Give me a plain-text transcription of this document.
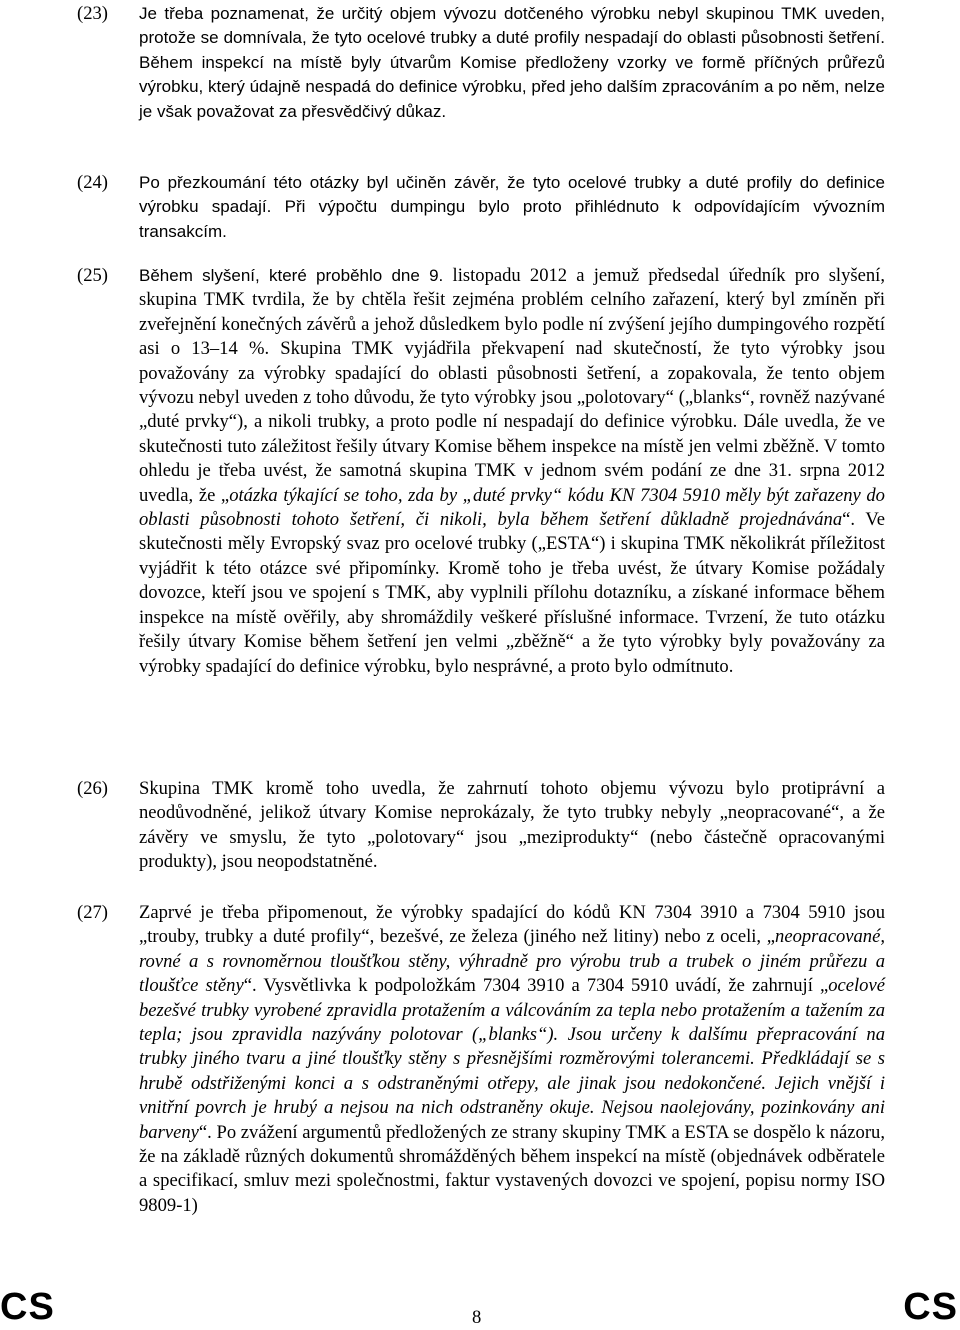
(23) Je třeba poznamenat, že určitý objem vývozu dotčeného výrobku nebyl skupinou TMK uveden, protože se domnívala, že tyto ocelové trubky a duté profily nespadají do oblasti působnosti šetření. Během inspekcí na místě byly útvarům Komise předloženy vzorky ve formě příčných průřezů výrobku, který údajně nespadá do definice výrobku, před jeho dalším zpracováním a po něm, nelze je však považovat za přesvědčivý důkaz.
(24) Po přezkoumání této otázky byl učiněn závěr, že tyto ocelové trubky a duté profily do definice výrobku spadají. Při výpočtu dumpingu bylo proto přihlédnuto k odpovídajícím vývozním transakcím.
(25) Během slyšení, které proběhlo dne 9. listopadu 2012 a jemuž předsedal úředník pro slyšení, skupina TMK tvrdila, že by chtěla řešit zejména problém celního zařazení, který byl zmíněn při zveřejnění konečných závěrů a jehož důsledkem bylo podle ní zvýšení jejího dumpingového rozpětí asi o 13–14 %. Skupina TMK vyjádřila překvapení nad skutečností, že tyto výrobky jsou považovány za výrobky spadající do oblasti působnosti šetření, a zopakovala, že tento objem vývozu nebyl uveden z toho důvodu, že tyto výrobky jsou „polotovary“ („blanks“, rovněž nazývané „duté prvky“), a nikoli trubky, a proto podle ní nespadají do definice výrobku. Dále uvedla, že ve skutečnosti tuto záležitost řešily útvary Komise během inspekce na místě jen velmi zběžně. V tomto ohledu je třeba uvést, že samotná skupina TMK v jednom svém podání ze dne 31. srpna 2012 uvedla, že „otázka týkající se toho, zda by „duté prvky“ kódu KN 7304 5910 měly být zařazeny do oblasti působnosti tohoto šetření, či nikoli, byla během šetření důkladně projednávána“. Ve skutečnosti měly Evropský svaz pro ocelové trubky („ESTA“) i skupina TMK několikrát příležitost vyjádřit k této otázce své připomínky. Kromě toho je třeba uvést, že útvary Komise požádaly dovozce, kteří jsou ve spojení s TMK, aby vyplnili přílohu dotazníku, a získané informace během inspekce na místě ověřily, aby shromáždily veškeré příslušné informace. Tvrzení, že tuto otázku řešily útvary Komise během šetření jen velmi „zběžně“ a že tyto výrobky byly považovány za výrobky spadající do definice výrobku, bylo nesprávné, a proto bylo odmítnuto.
(26) Skupina TMK kromě toho uvedla, že zahrnutí tohoto objemu vývozu bylo protiprávní a neodůvodněné, jelikož útvary Komise neprokázaly, že tyto trubky nebyly „neopracované“, a že závěry ve smyslu, že tyto „polotovary“ jsou „meziprodukty“ (nebo částečně opracovanými produkty), jsou neopodstatněné.
(27) Zaprvé je třeba připomenout, že výrobky spadající do kódů KN 7304 3910 a 7304 5910 jsou „trouby, trubky a duté profily“, bezešvé, ze železa (jiného než litiny) nebo z oceli, „neopracované, rovné a s rovnoměrnou tloušťkou stěny, výhradně pro výrobu trub a trubek o jiném průřezu a tloušťce stěny“. Vysvětlivka k podpoložkám 7304 3910 a 7304 5910 uvádí, že zahrnují „ocelové bezešvé trubky vyrobené zpravidla protažením a válcováním za tepla nebo protažením a tažením za tepla; jsou zpravidla nazývány polotovar („blanks“). Jsou určeny k dalšímu přepracování na trubky jiného tvaru a jiné tloušťky stěny s přesnějšími rozměrovými tolerancemi. Předkládají se s hrubě odstřiženými konci a s odstraněnými otřepy, ale jinak jsou nedokončené. Jejich vnější i vnitřní povrch je hrubý a nejsou na nich odstraněny okuje. Nejsou naolejovány, pozinkovány ani barveny“. Po zvážení argumentů předložených ze strany skupiny TMK a ESTA se dospělo k názoru, že na základě různých dokumentů shromážděných během inspekcí na místě (objednávek odběratele a specifikací, smluv mezi společnostmi, faktur vystavených dovozci ve spojení, popisu normy ISO 9809-1)
CS	8	CS
